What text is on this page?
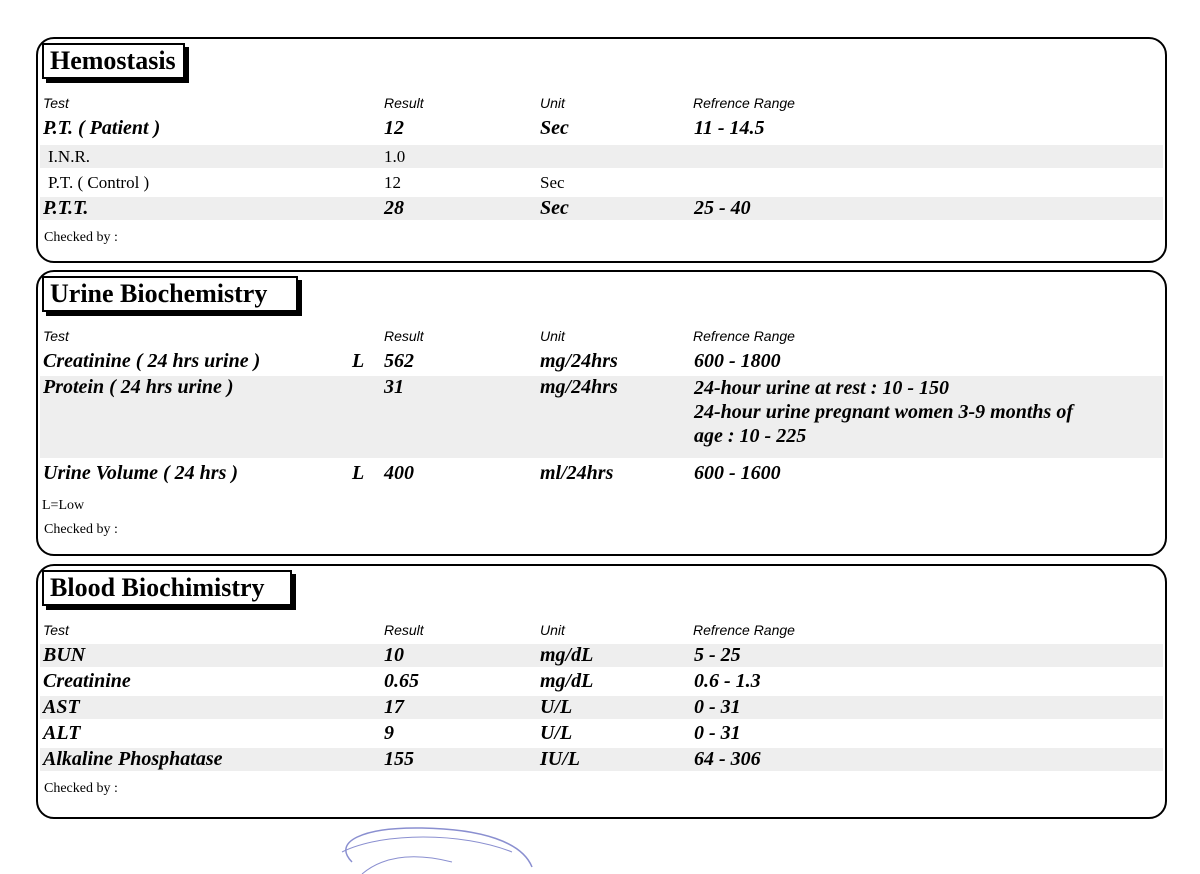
Hemostasis
Test	Result	Unit	Refrence Range
P.T. ( Patient )	12	Sec	11 - 14.5
I.N.R.	1.0
P.T. ( Control )	12	Sec
P.T.T.	28	Sec	25 - 40
Checked by :
Urine Biochemistry
Test	Result	Unit	Refrence Range
Creatinine ( 24 hrs urine )	L 562	mg/24hrs	600 - 1800
Protein ( 24 hrs urine )	31	mg/24hrs	24-hour urine at rest : 10 - 150
24-hour urine pregnant women 3-9 months of
age : 10 - 225
Urine Volume ( 24 hrs )	L 400	ml/24hrs	600 - 1600
L=Low
Checked by :
Blood Biochimistry
Test	Result	Unit	Refrence Range
BUN	10	mg/dL	5 - 25
Creatinine	0.65	mg/dL	0.6 - 1.3
AST	17	U/L	0 - 31
ALT	9	U/L	0 - 31
Alkaline Phosphatase	155	IU/L	64 - 306
Checked by :
